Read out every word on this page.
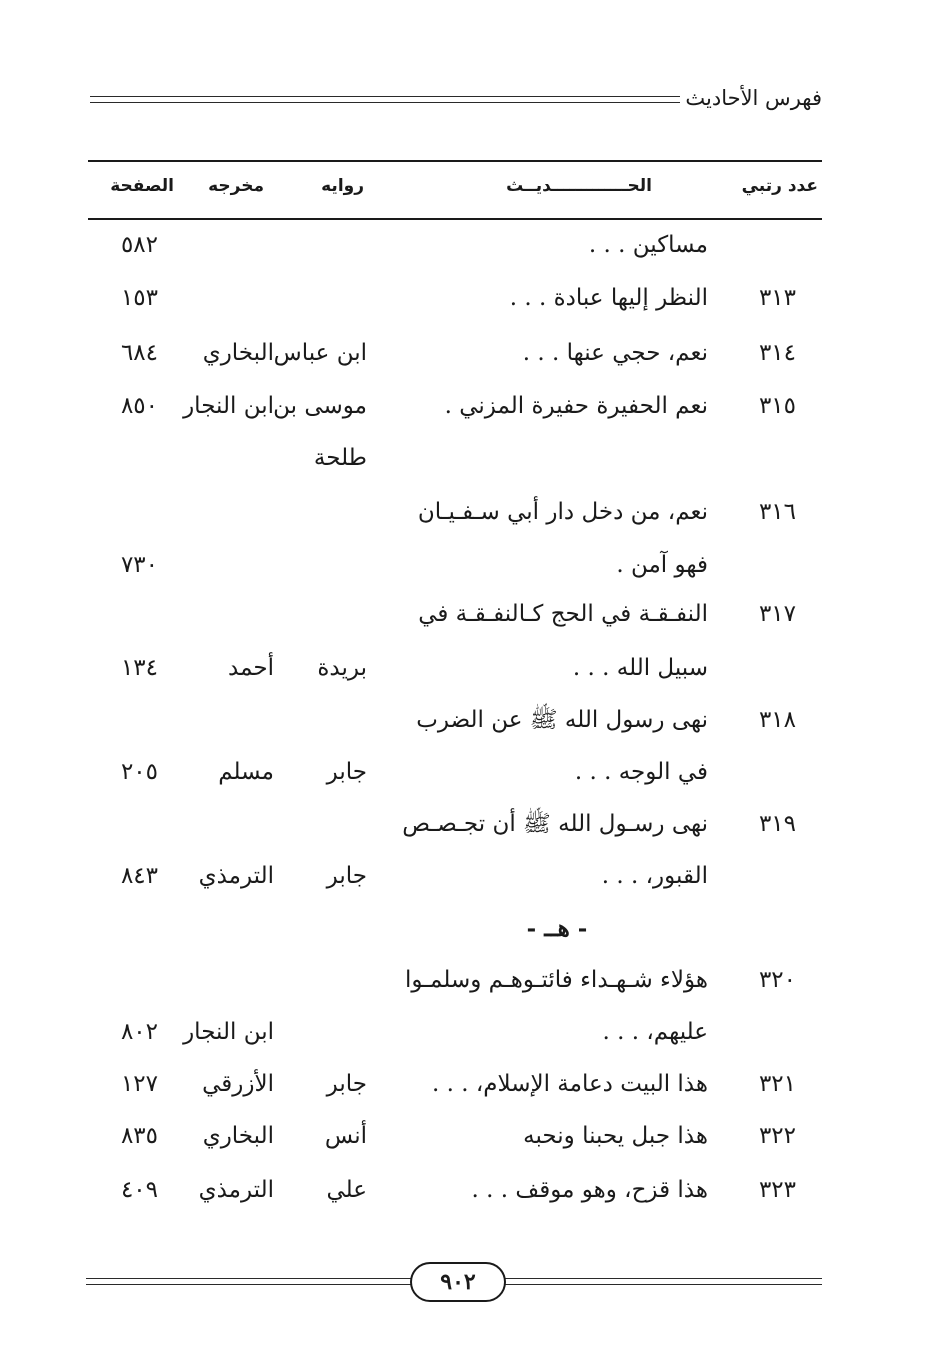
فهرس الأحاديث
عدد رتبي
الحـــــــــــــديــث
روايه
مخرجه
الصفحة
مساكين . . .
٥٨٢
٣١٣
النظر إليها عبادة . . .
١٥٣
٣١٤
نعم، حجي عنها . . .
ابن عباس
البخاري
٦٨٤
٣١٥
نعم الحفيرة حفيرة المزني .
موسى بن
ابن النجار
٨٥٠
طلحة
٣١٦
نعم، من دخل دار أبي سـفـيـان
فهو آمن .
٧٣٠
٣١٧
النفـقـة في الحج كـالنفـقـة في
سبيل الله . . .
بريدة
أحمد
١٣٤
٣١٨
نهى رسول الله ﷺ عن الضرب
في الوجه . . .
جابر
مسلم
٢٠٥
٣١٩
نهى رسـول الله ﷺ أن تجـصـص
القبور، . . .
جابر
الترمذي
٨٤٣
- هــ -
٣٢٠
هؤلاء شـهـداء فائتـوهـم وسلمـوا
عليهم، . . .
ابن النجار
٨٠٢
٣٢١
هذا البيت دعامة الإسلام، . . .
جابر
الأزرقي
١٢٧
٣٢٢
هذا جبل يحبنا ونحبه
أنس
البخاري
٨٣٥
٣٢٣
هذا قزح، وهو موقف . . .
علي
الترمذي
٤٠٩
٩٠٢
